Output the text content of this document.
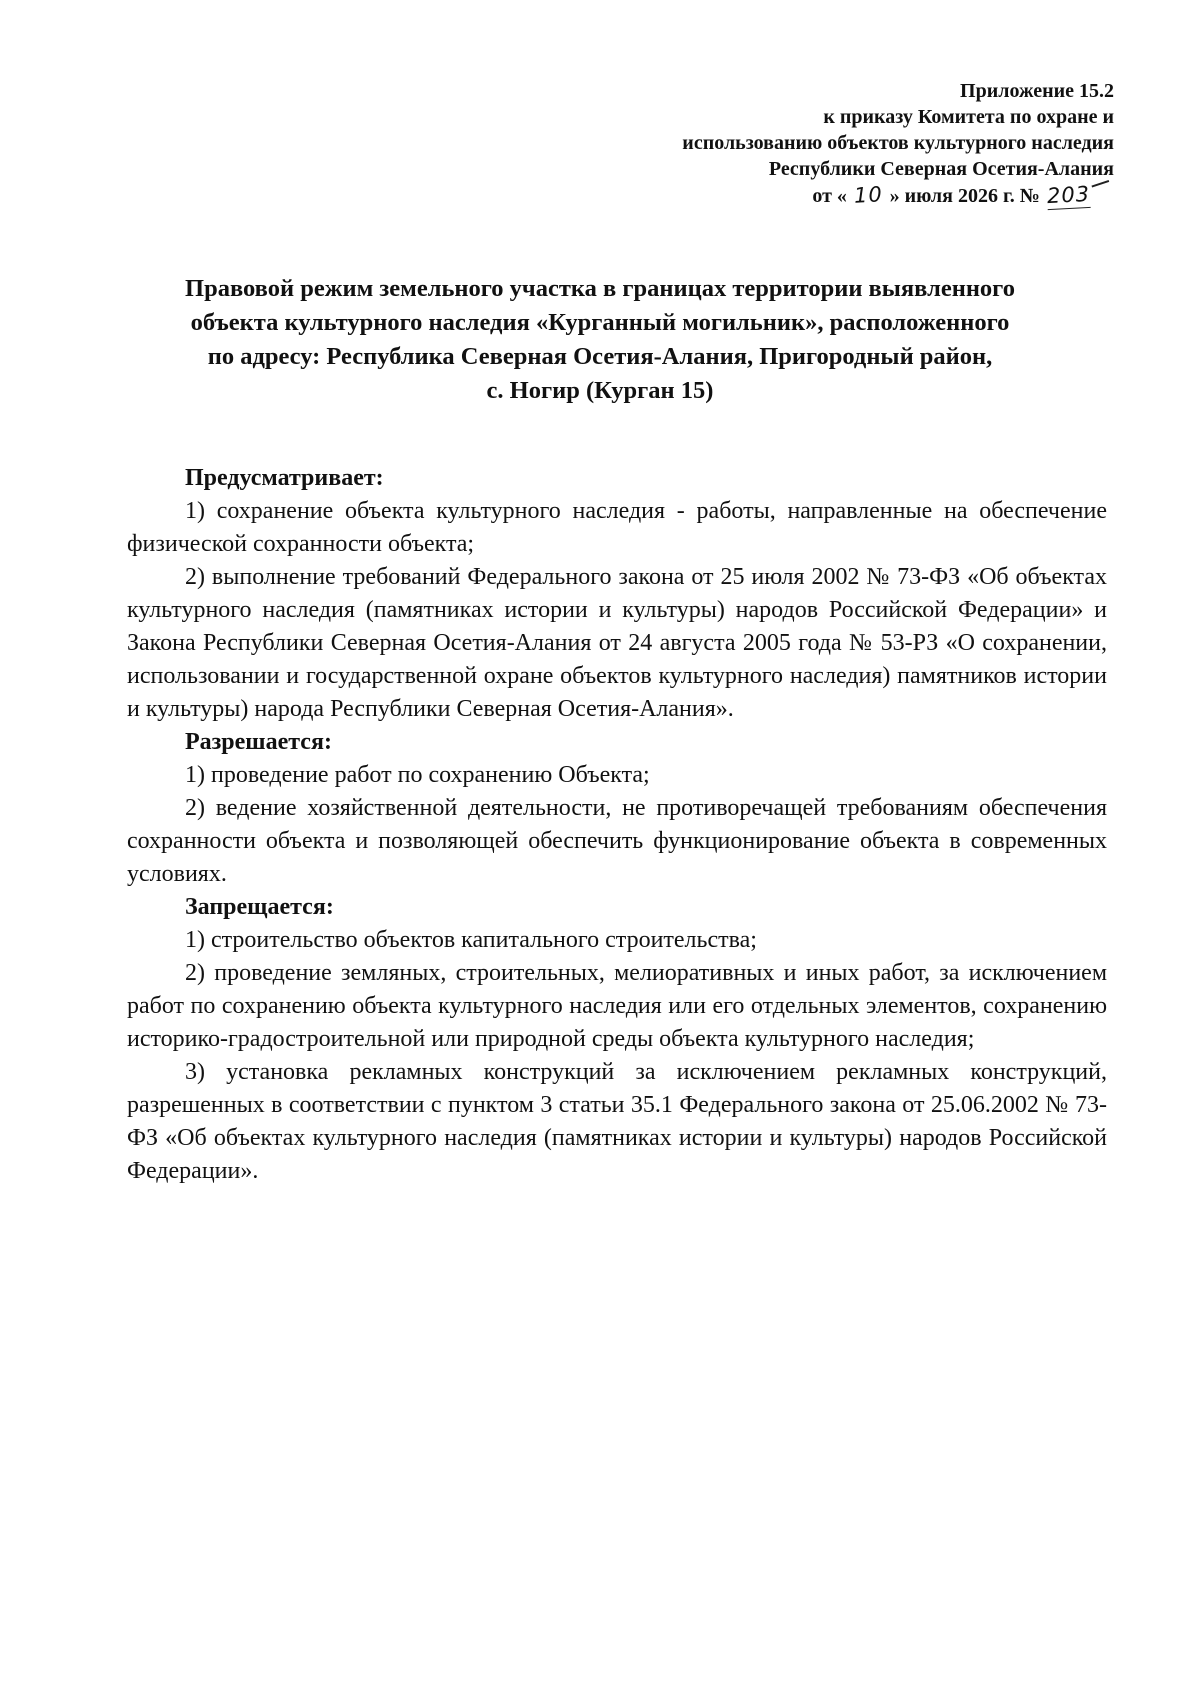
Приложение 15.2
к приказу Комитета по охране и
использованию объектов культурного наследия
Республики Северная Осетия-Алания
от « 10 » июля 2026 г. № 203
Правовой режим земельного участка в границах территории выявленного
объекта культурного наследия «Курганный могильник», расположенного
по адресу: Республика Северная Осетия-Алания, Пригородный район,
с. Ногир (Курган 15)

Предусматривает:

1) сохранение объекта культурного наследия - работы, направленные на обеспечение физической сохранности объекта;

2) выполнение требований Федерального закона от 25 июля 2002 № 73-ФЗ «Об объектах культурного наследия (памятниках истории и культуры) народов Российской Федерации» и Закона Республики Северная Осетия-Алания от 24 августа 2005 года № 53-РЗ «О сохранении, использовании и государственной охране объектов культурного наследия) памятников истории и культуры) народа Республики Северная Осетия-Алания».

Разрешается:

1) проведение работ по сохранению Объекта;

2) ведение хозяйственной деятельности, не противоречащей требованиям обеспечения сохранности объекта и позволяющей обеспечить функционирование объекта в современных условиях.

Запрещается:

1) строительство объектов капитального строительства;

2) проведение земляных, строительных, мелиоративных и иных работ, за исключением работ по сохранению объекта культурного наследия или его отдельных элементов, сохранению историко-градостроительной или природной среды объекта культурного наследия;

3) установка рекламных конструкций за исключением рекламных конструкций, разрешенных в соответствии с пунктом 3 статьи 35.1 Федерального закона от 25.06.2002 № 73-ФЗ «Об объектах культурного наследия (памятниках истории и культуры) народов Российской Федерации».
